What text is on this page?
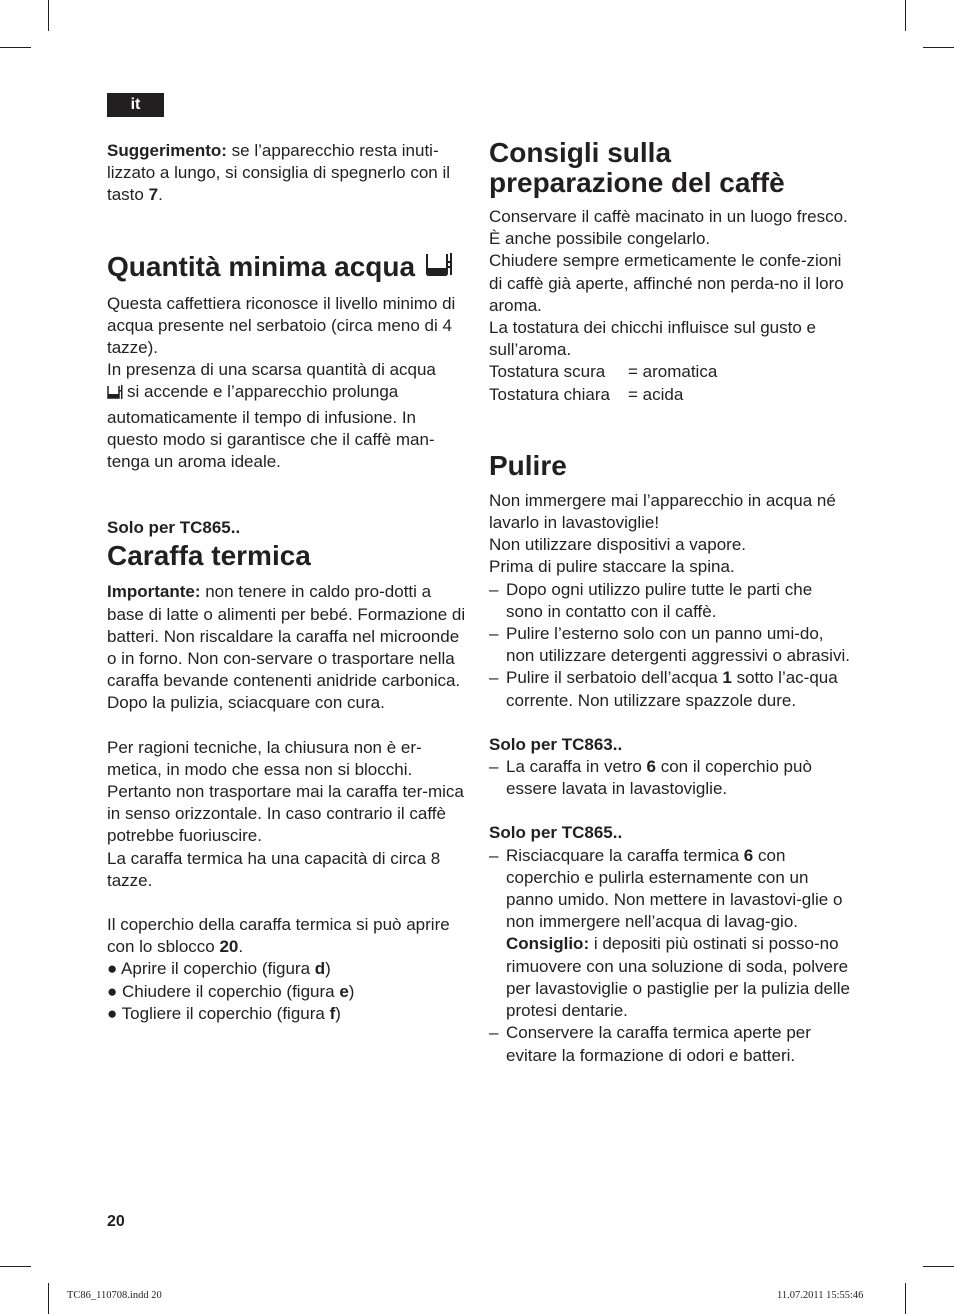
it

Suggerimento: se l’apparecchio resta inuti-lizzato a lungo, si consiglia di spegnerlo con il tasto 7.

Quantità minima acqua

Questa caffettiera riconosce il livello minimo di acqua presente nel serbatoio (circa meno di 4 tazze).

In presenza di una scarsa quantità di acqua

si accende e l’apparecchio prolunga automaticamente il tempo di infusione. In questo modo si garantisce che il caffè man-tenga un aroma ideale.

Solo per TC865..

Caraffa termica

Importante: non tenere in caldo pro-dotti a base di latte o alimenti per bebé. Formazione di batteri. Non riscaldare la caraffa nel microonde o in forno. Non con-servare o trasportare nella caraffa bevande contenenti anidride carbonica.

Dopo la pulizia, sciacquare con cura.

Per ragioni tecniche, la chiusura non è er-metica, in modo che essa non si blocchi. Pertanto non trasportare mai la caraffa ter-mica in senso orizzontale. In caso contrario il caffè potrebbe fuoriuscire.

La caraffa termica ha una capacità di circa 8 tazze.

Il coperchio della caraffa termica si può aprire con lo sblocco 20.

● Aprire il coperchio (figura d)

● Chiudere il coperchio (figura e)

● Togliere il coperchio (figura f)

Consigli sulla preparazione del caffè

Conservare il caffè macinato in un luogo fresco. È anche possibile congelarlo.

Chiudere sempre ermeticamente le confe-zioni di caffè già aperte, affinché non perda-no il loro aroma.

La tostatura dei chicchi influisce sul gusto e sull’aroma.

Tostatura scura	= aromatica
Tostatura chiara	= acida
Pulire

Non immergere mai l’apparecchio in acqua né lavarlo in lavastoviglie!

Non utilizzare dispositivi a vapore.

Prima di pulire staccare la spina.

– Dopo ogni utilizzo pulire tutte le parti che sono in contatto con il caffè.
– Pulire l’esterno solo con un panno umi-do, non utilizzare detergenti aggressivi o abrasivi.
– Pulire il serbatoio dell’acqua 1 sotto l’ac-qua corrente. Non utilizzare spazzole dure.

Solo per TC863..

– La caraffa in vetro 6 con il coperchio può essere lavata in lavastoviglie.

Solo per TC865..

– Risciacquare la caraffa termica 6 con coperchio e pulirla esternamente con un panno umido. Non mettere in lavastovi-glie o non immergere nell’acqua di lavag-gio.
Consiglio: i depositi più ostinati si posso-no rimuovere con una soluzione di soda, polvere per lavastoviglie o pastiglie per la pulizia delle protesi dentarie.
– Conservere la caraffa termica aperte per evitare la formazione di odori e batteri.
20
TC86_110708.indd 20	11.07.2011 15:55:46
